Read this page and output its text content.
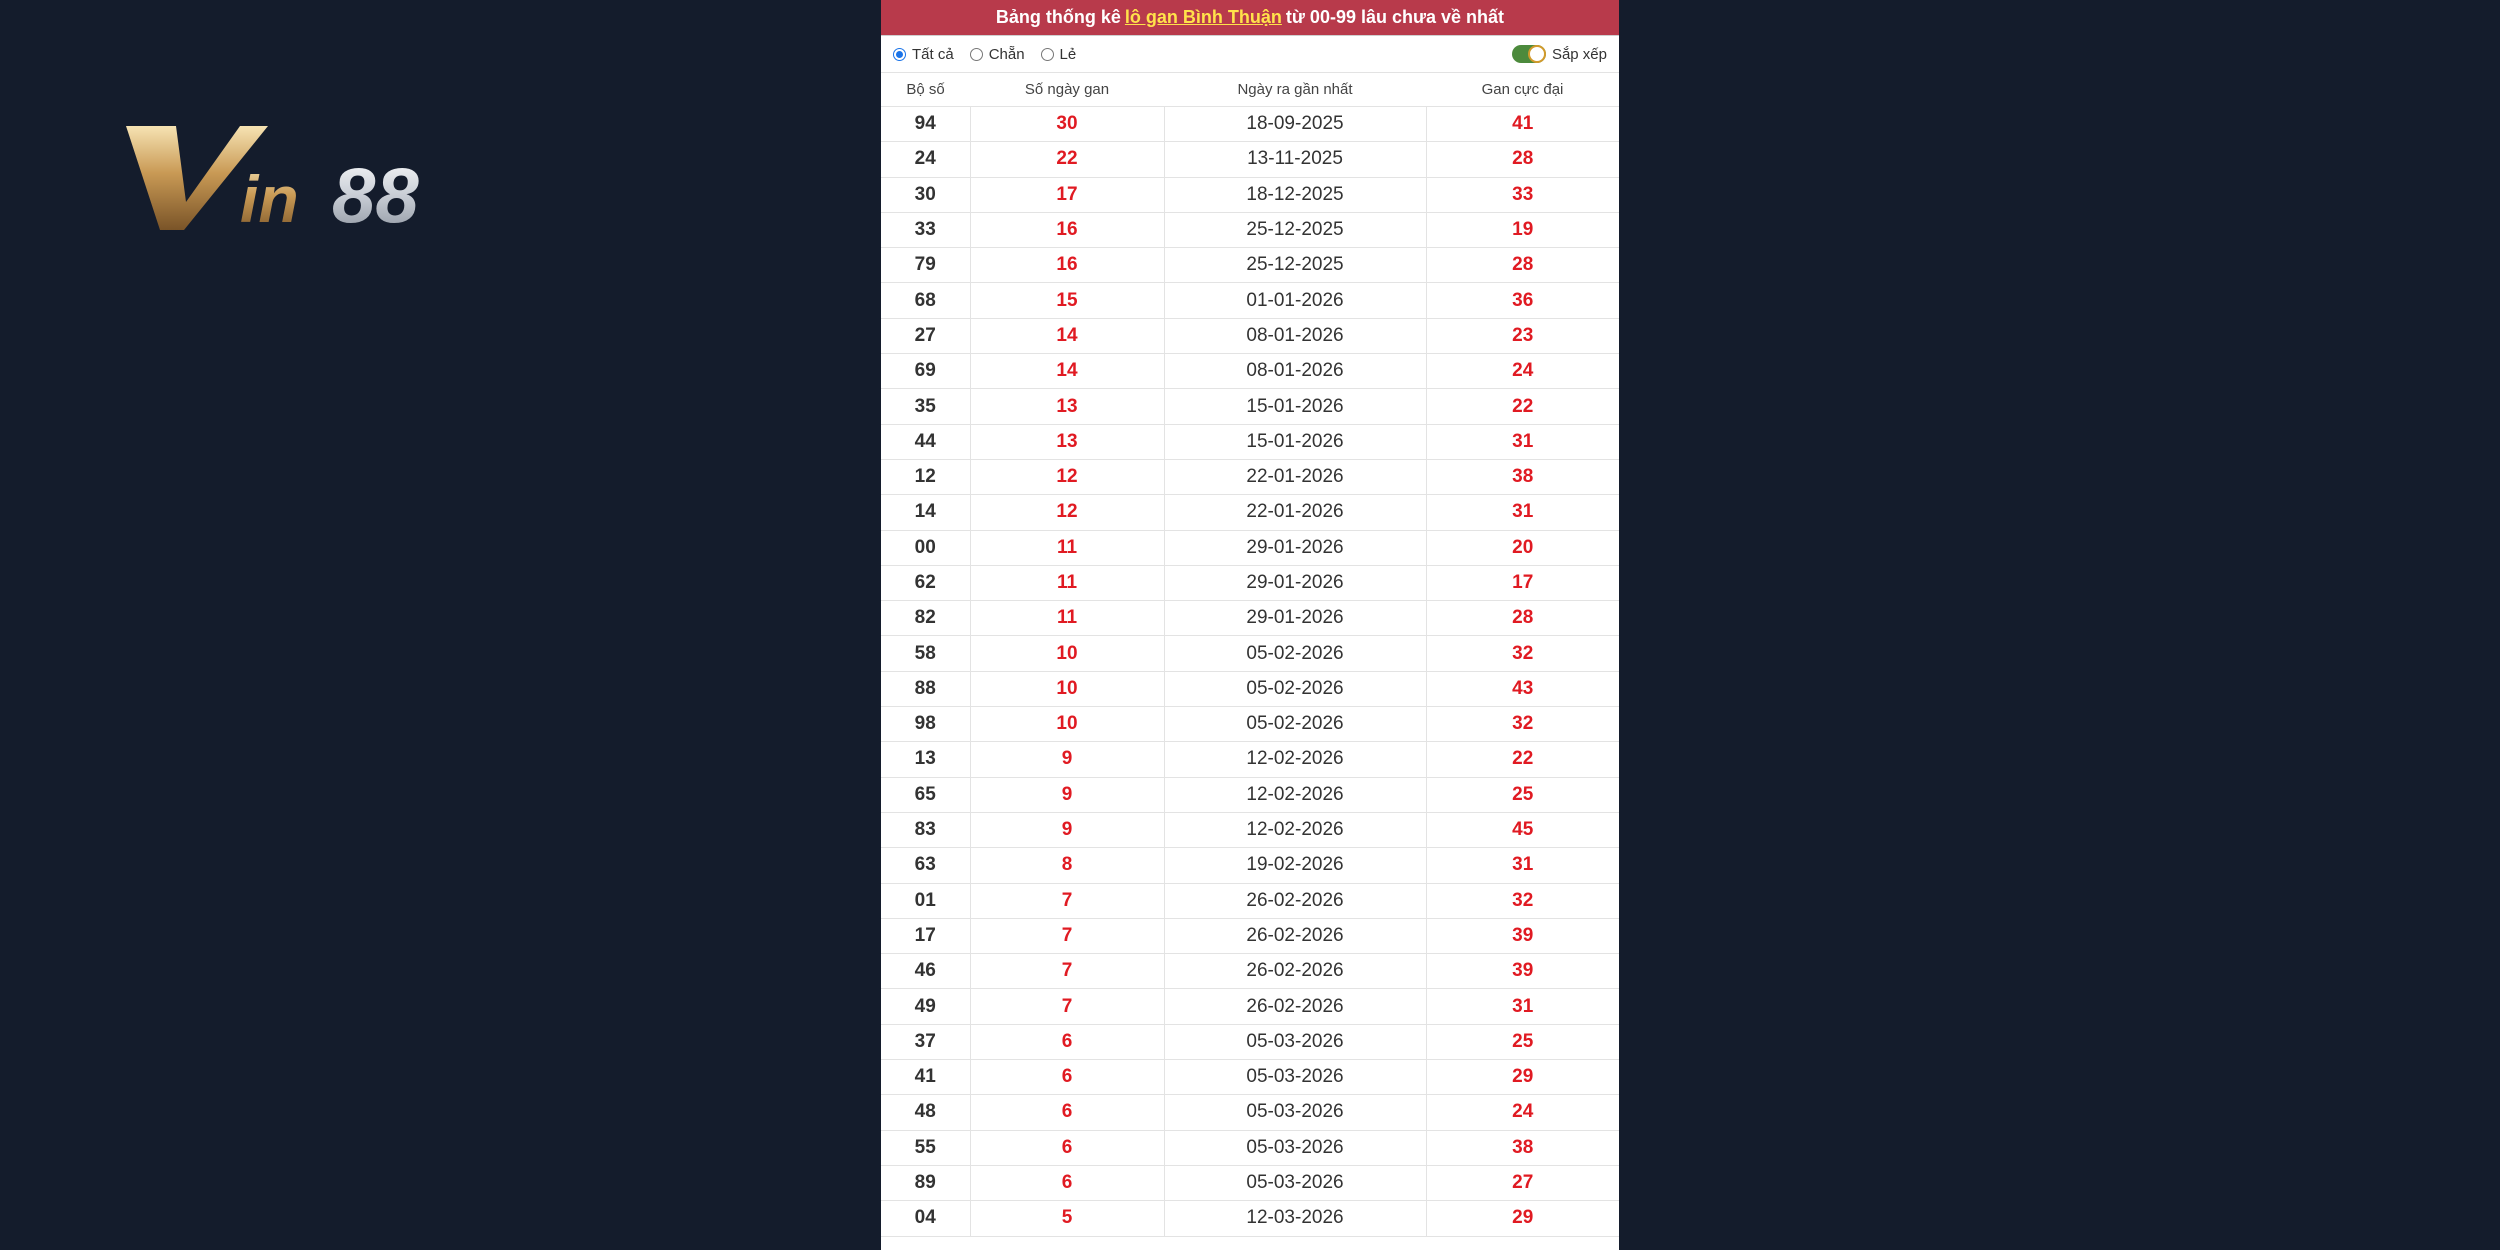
in 88
Bảng thống kê lô gan Bình Thuận từ 00-99 lâu chưa về nhất
Tất cả Chẵn Lẻ	Sắp xếp
Bộ số	Số ngày gan	Ngày ra gần nhất	Gan cực đại
94	30	18-09-2025	41
24	22	13-11-2025	28
30	17	18-12-2025	33
33	16	25-12-2025	19
79	16	25-12-2025	28
68	15	01-01-2026	36
27	14	08-01-2026	23
69	14	08-01-2026	24
35	13	15-01-2026	22
44	13	15-01-2026	31
12	12	22-01-2026	38
14	12	22-01-2026	31
00	11	29-01-2026	20
62	11	29-01-2026	17
82	11	29-01-2026	28
58	10	05-02-2026	32
88	10	05-02-2026	43
98	10	05-02-2026	32
13	9	12-02-2026	22
65	9	12-02-2026	25
83	9	12-02-2026	45
63	8	19-02-2026	31
01	7	26-02-2026	32
17	7	26-02-2026	39
46	7	26-02-2026	39
49	7	26-02-2026	31
37	6	05-03-2026	25
41	6	05-03-2026	29
48	6	05-03-2026	24
55	6	05-03-2026	38
89	6	05-03-2026	27
04	5	12-03-2026	29
